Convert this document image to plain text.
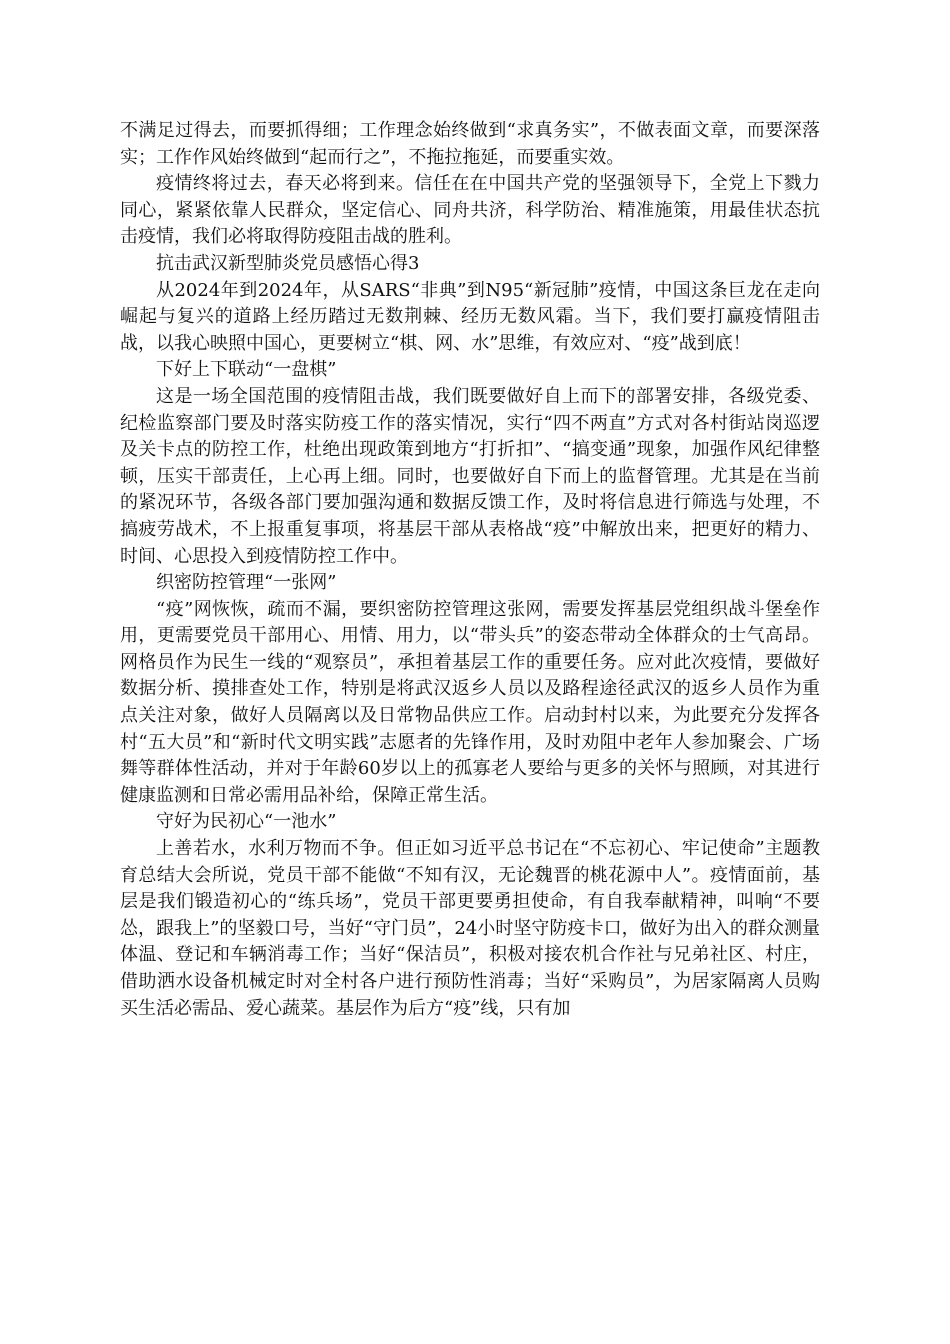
不满足过得去，而要抓得细；工作理念始终做到“求真务实”，不做表面文章，而要深落实；工作作风始终做到“起而行之”，不拖拉拖延，而要重实效。

疫情终将过去，春天必将到来。信任在在中国共产党的坚强领导下，全党上下戮力同心，紧紧依靠人民群众，坚定信心、同舟共济，科学防治、精准施策，用最佳状态抗击疫情，我们必将取得防疫阻击战的胜利。

抗击武汉新型肺炎党员感悟心得3

从2024年到2024年，从SARS“非典”到N95“新冠肺”疫情，中国这条巨龙在走向崛起与复兴的道路上经历踏过无数荆棘、经历无数风霜。当下，我们要打赢疫情阻击战，以我心映照中国心，更要树立“棋、网、水”思维，有效应对、“疫”战到底！

下好上下联动“一盘棋”

这是一场全国范围的疫情阻击战，我们既要做好自上而下的部署安排，各级党委、纪检监察部门要及时落实防疫工作的落实情况，实行“四不两直”方式对各村街站岗巡逻及关卡点的防控工作，杜绝出现政策到地方“打折扣”、“搞变通”现象，加强作风纪律整顿，压实干部责任，上心再上细。同时，也要做好自下而上的监督管理。尤其是在当前的紧况环节，各级各部门要加强沟通和数据反馈工作，及时将信息进行筛选与处理，不搞疲劳战术，不上报重复事项，将基层干部从表格战“疫”中解放出来，把更好的精力、时间、心思投入到疫情防控工作中。

织密防控管理“一张网”

“疫”网恢恢，疏而不漏，要织密防控管理这张网，需要发挥基层党组织战斗堡垒作用，更需要党员干部用心、用情、用力，以“带头兵”的姿态带动全体群众的士气高昂。网格员作为民生一线的“观察员”，承担着基层工作的重要任务。应对此次疫情，要做好数据分析、摸排查处工作，特别是将武汉返乡人员以及路程途径武汉的返乡人员作为重点关注对象，做好人员隔离以及日常物品供应工作。启动封村以来，为此要充分发挥各村“五大员”和“新时代文明实践”志愿者的先锋作用，及时劝阻中老年人参加聚会、广场舞等群体性活动，并对于年龄60岁以上的孤寡老人要给与更多的关怀与照顾，对其进行健康监测和日常必需用品补给，保障正常生活。

守好为民初心“一池水”

上善若水，水利万物而不争。但正如习近平总书记在“不忘初心、牢记使命”主题教育总结大会所说，党员干部不能做“不知有汉，无论魏晋的桃花源中人”。疫情面前，基层是我们锻造初心的“练兵场”，党员干部更要勇担使命，有自我奉献精神，叫响“不要怂，跟我上”的坚毅口号，当好“守门员”，24小时坚守防疫卡口，做好为出入的群众测量体温、登记和车辆消毒工作；当好“保洁员”，积极对接农机合作社与兄弟社区、村庄，借助洒水设备机械定时对全村各户进行预防性消毒；当好“采购员”，为居家隔离人员购买生活必需品、爱心蔬菜。基层作为后方“疫”线，只有加
